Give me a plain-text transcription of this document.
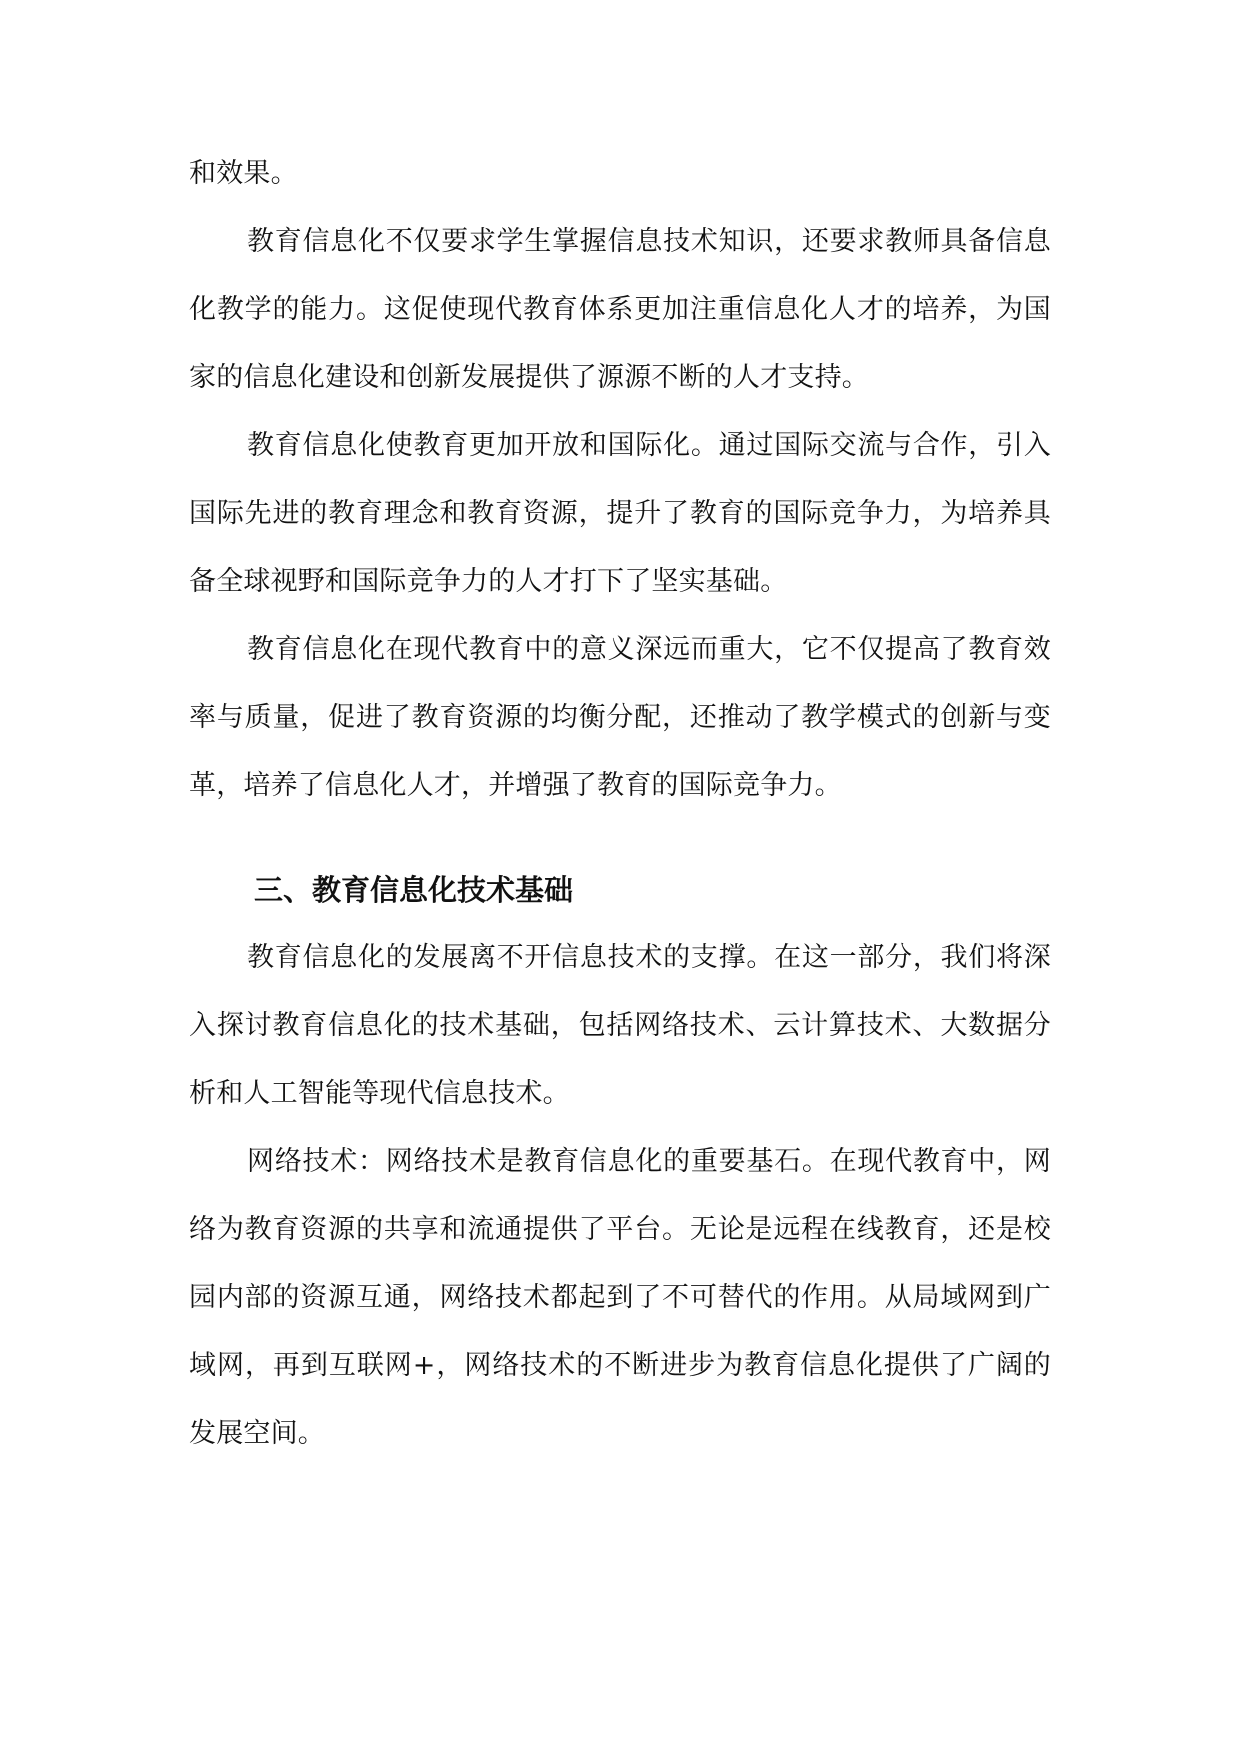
和效果。

教育信息化不仅要求学生掌握信息技术知识，还要求教师具备信息化教学的能力。这促使现代教育体系更加注重信息化人才的培养，为国家的信息化建设和创新发展提供了源源不断的人才支持。

教育信息化使教育更加开放和国际化。通过国际交流与合作，引入国际先进的教育理念和教育资源，提升了教育的国际竞争力，为培养具备全球视野和国际竞争力的人才打下了坚实基础。

教育信息化在现代教育中的意义深远而重大，它不仅提高了教育效率与质量，促进了教育资源的均衡分配，还推动了教学模式的创新与变革，培养了信息化人才，并增强了教育的国际竞争力。

三、教育信息化技术基础

教育信息化的发展离不开信息技术的支撑。在这一部分，我们将深入探讨教育信息化的技术基础，包括网络技术、云计算技术、大数据分析和人工智能等现代信息技术。

网络技术：网络技术是教育信息化的重要基石。在现代教育中，网络为教育资源的共享和流通提供了平台。无论是远程在线教育，还是校园内部的资源互通，网络技术都起到了不可替代的作用。从局域网到广域网，再到互联网+，网络技术的不断进步为教育信息化提供了广阔的发展空间。
